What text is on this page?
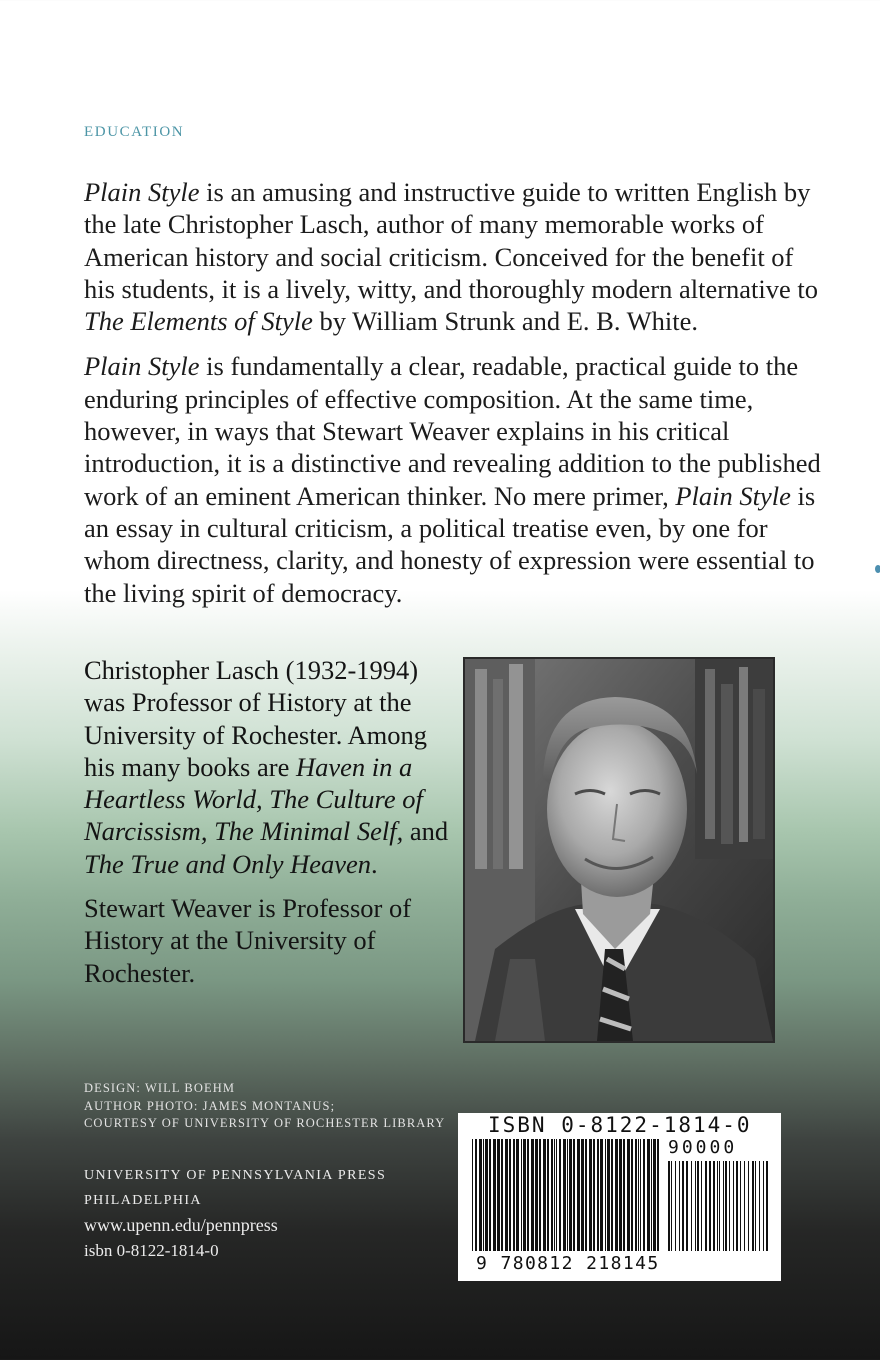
EDUCATION

Plain Style is an amusing and instructive guide to written English by the late Christopher Lasch, author of many memorable works of American history and social criticism. Conceived for the benefit of his students, it is a lively, witty, and thoroughly modern alternative to The Elements of Style by William Strunk and E. B. White.

Plain Style is fundamentally a clear, readable, practical guide to the enduring principles of effective composition. At the same time, however, in ways that Stewart Weaver explains in his critical introduction, it is a distinctive and revealing addition to the published work of an eminent American thinker. No mere primer, Plain Style is an essay in cultural criticism, a political treatise even, by one for whom directness, clarity, and honesty of expression were essential to the living spirit of democracy.

Christopher Lasch (1932-1994) was Professor of History at the University of Rochester. Among his many books are Haven in a Heartless World, The Culture of Narcissism, The Minimal Self, and The True and Only Heaven.

Stewart Weaver is Professor of History at the University of Rochester.

DESIGN: WILL BOEHM
AUTHOR PHOTO: JAMES MONTANUS;
COURTESY OF UNIVERSITY OF ROCHESTER LIBRARY
UNIVERSITY OF PENNSYLVANIA PRESS
PHILADELPHIA
www.upenn.edu/pennpress
isbn 0-8122-1814-0
ISBN 0-8122-1814-0
90000
9 780812 218145
